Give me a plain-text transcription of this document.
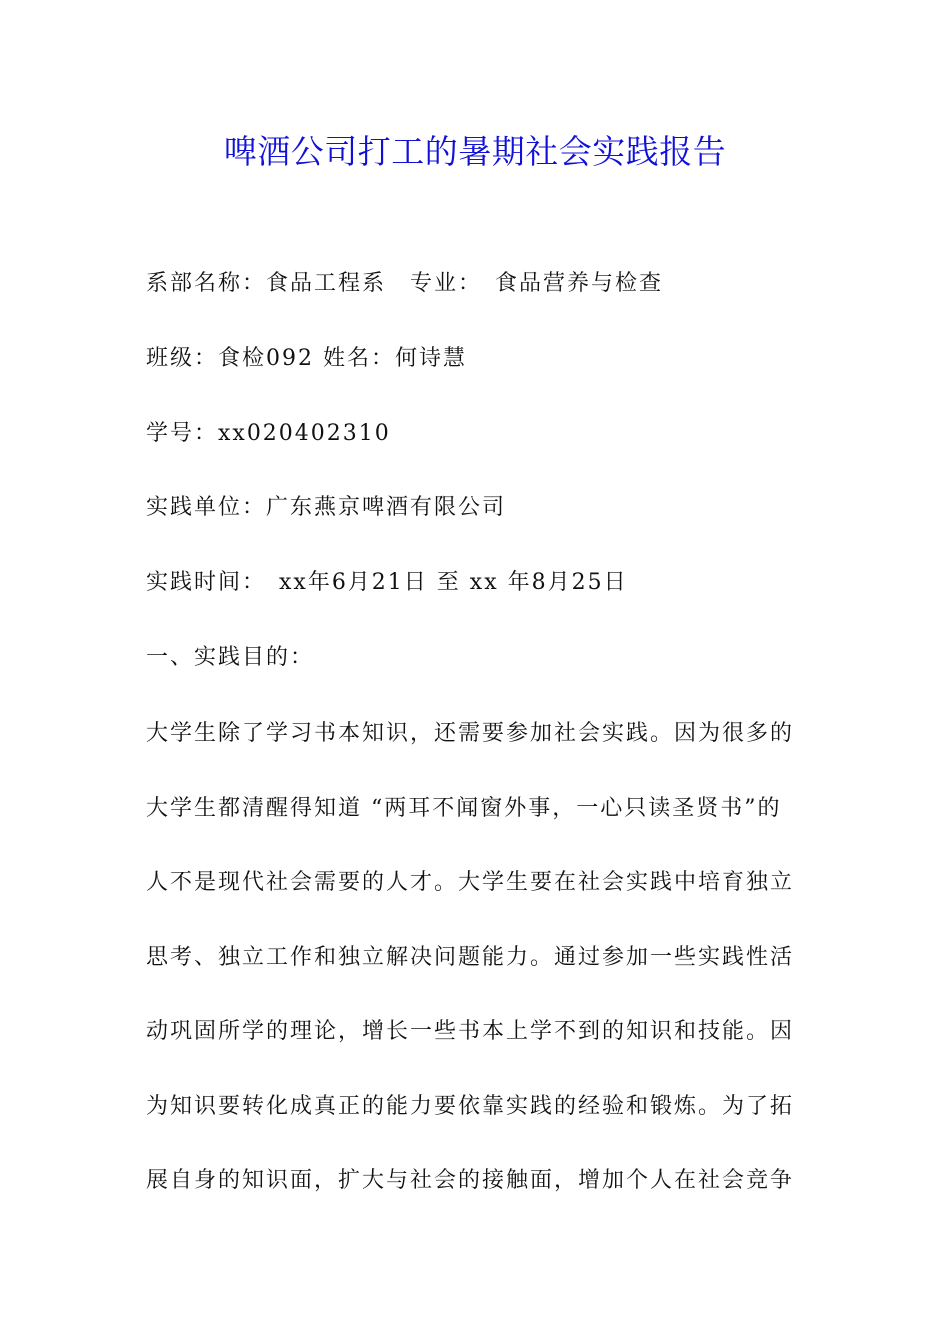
啤酒公司打工的暑期社会实践报告

系部名称：食品工程系　专业：　食品营养与检查

班级：食检092 姓名：何诗慧

学号：xx020402310

实践单位：广东燕京啤酒有限公司

实践时间：　xx年6月21日 至 xx 年8月25日

一、实践目的：

大学生除了学习书本知识，还需要参加社会实践。因为很多的
大学生都清醒得知道 “两耳不闻窗外事，一心只读圣贤书”的
人不是现代社会需要的人才。大学生要在社会实践中培育独立
思考、独立工作和独立解决问题能力。通过参加一些实践性活
动巩固所学的理论，增长一些书本上学不到的知识和技能。因
为知识要转化成真正的能力要依靠实践的经验和锻炼。为了拓
展自身的知识面，扩大与社会的接触面，增加个人在社会竞争
